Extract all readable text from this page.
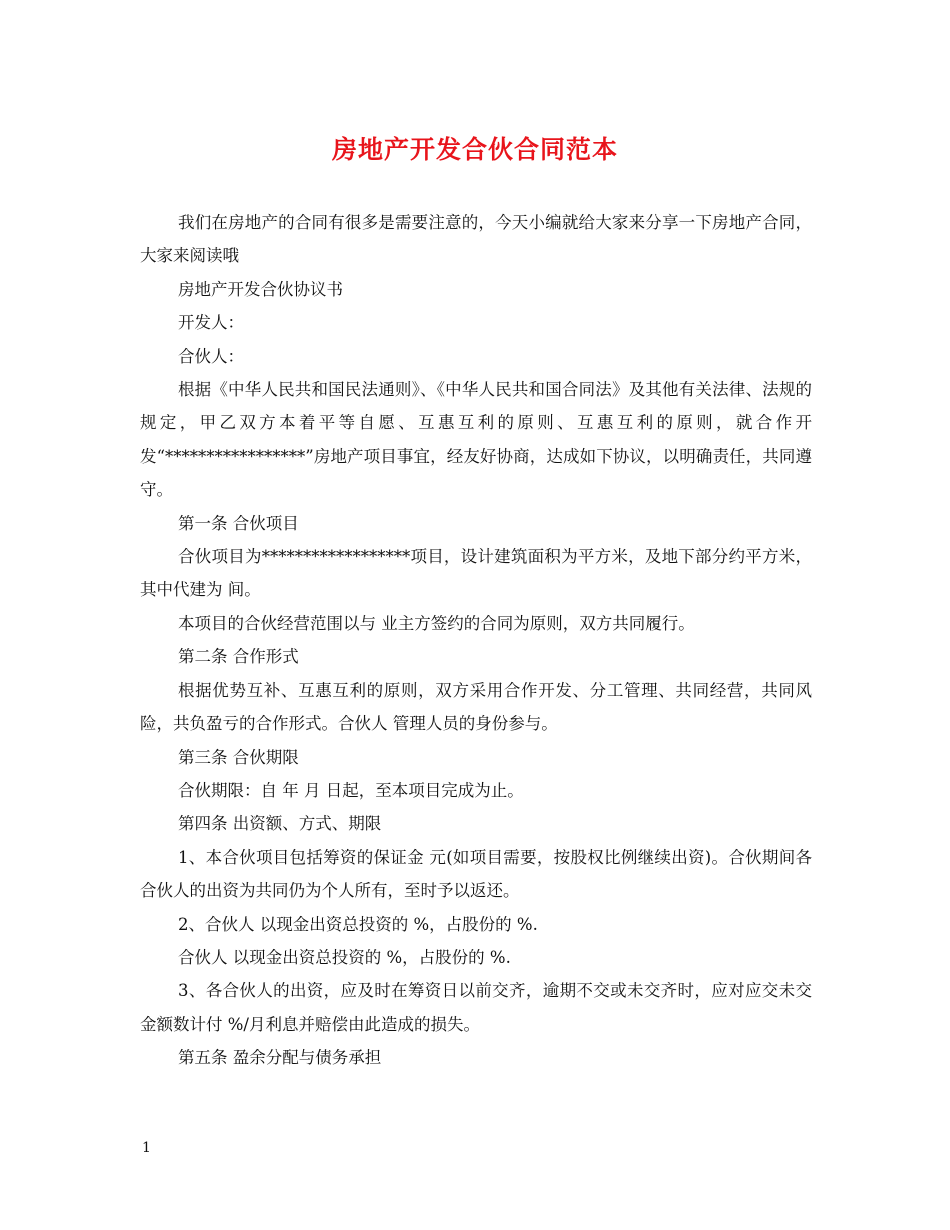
房地产开发合伙合同范本

我们在房地产的合同有很多是需要注意的，今天小编就给大家来分享一下房地产合同，大家来阅读哦

房地产开发合伙协议书

开发人：

合伙人：

根据《中华人民共和国民法通则》、《中华人民共和国合同法》及其他有关法律、法规的规定，甲乙双方本着平等自愿、互惠互利的原则、互惠互利的原则，就合作开发“*****************”房地产项目事宜，经友好协商，达成如下协议，以明确责任，共同遵守。

第一条 合伙项目

合伙项目为******************项目，设计建筑面积为平方米，及地下部分约平方米，其中代建为 间。

本项目的合伙经营范围以与 业主方签约的合同为原则，双方共同履行。

第二条 合作形式

根据优势互补、互惠互利的原则，双方采用合作开发、分工管理、共同经营，共同风险，共负盈亏的合作形式。合伙人 管理人员的身份参与。

第三条 合伙期限

合伙期限：自 年 月 日起，至本项目完成为止。

第四条 出资额、方式、期限

1、本合伙项目包括筹资的保证金 元(如项目需要，按股权比例继续出资)。合伙期间各合伙人的出资为共同仍为个人所有，至时予以返还。

2、合伙人 以现金出资总投资的 %，占股份的 %.

合伙人 以现金出资总投资的 %，占股份的 %.

3、各合伙人的出资，应及时在筹资日以前交齐，逾期不交或未交齐时，应对应交未交金额数计付 %/月利息并赔偿由此造成的损失。

第五条 盈余分配与债务承担

1
